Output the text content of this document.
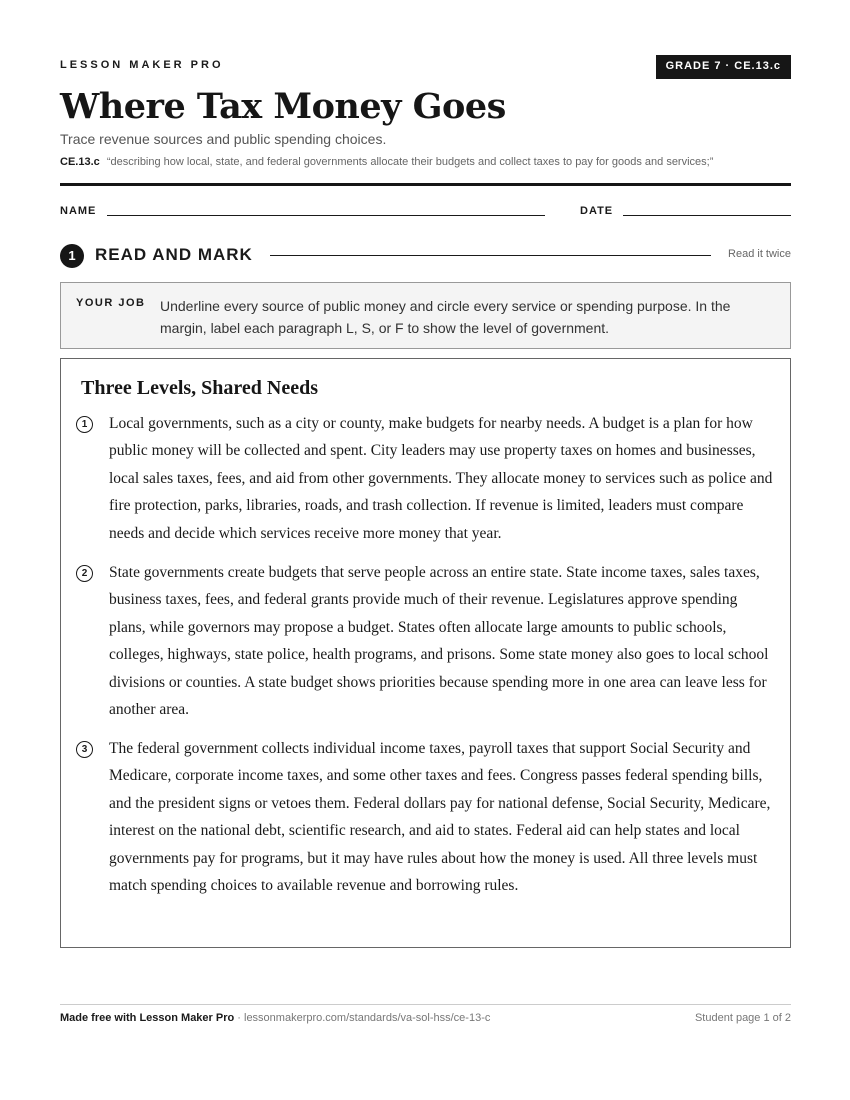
LESSON MAKER PRO	GRADE 7 · CE.13.c
Where Tax Money Goes
Trace revenue sources and public spending choices.
CE.13.c “describing how local, state, and federal governments allocate their budgets and collect taxes to pay for goods and services;”
NAME	DATE
1	READ AND MARK	Read it twice
YOUR JOB Underline every source of public money and circle every service or spending purpose. In the margin, label each paragraph L, S, or F to show the level of government.
Three Levels, Shared Needs
1	Local governments, such as a city or county, make budgets for nearby needs. A budget is a plan for how public money will be collected and spent. City leaders may use property taxes on homes and businesses, local sales taxes, fees, and aid from other governments. They allocate money to services such as police and fire protection, parks, libraries, roads, and trash collection. If revenue is limited, leaders must compare needs and decide which services receive more money that year.
2	State governments create budgets that serve people across an entire state. State income taxes, sales taxes, business taxes, fees, and federal grants provide much of their revenue. Legislatures approve spending plans, while governors may propose a budget. States often allocate large amounts to public schools, colleges, highways, state police, health programs, and prisons. Some state money also goes to local school divisions or counties. A state budget shows priorities because spending more in one area can leave less for another area.
3	The federal government collects individual income taxes, payroll taxes that support Social Security and Medicare, corporate income taxes, and some other taxes and fees. Congress passes federal spending bills, and the president signs or vetoes them. Federal dollars pay for national defense, Social Security, Medicare, interest on the national debt, scientific research, and aid to states. Federal aid can help states and local governments pay for programs, but it may have rules about how the money is used. All three levels must match spending choices to available revenue and borrowing rules.
Made free with Lesson Maker Pro · lessonmakerpro.com/standards/va-sol-hss/ce-13-c	Student page 1 of 2
